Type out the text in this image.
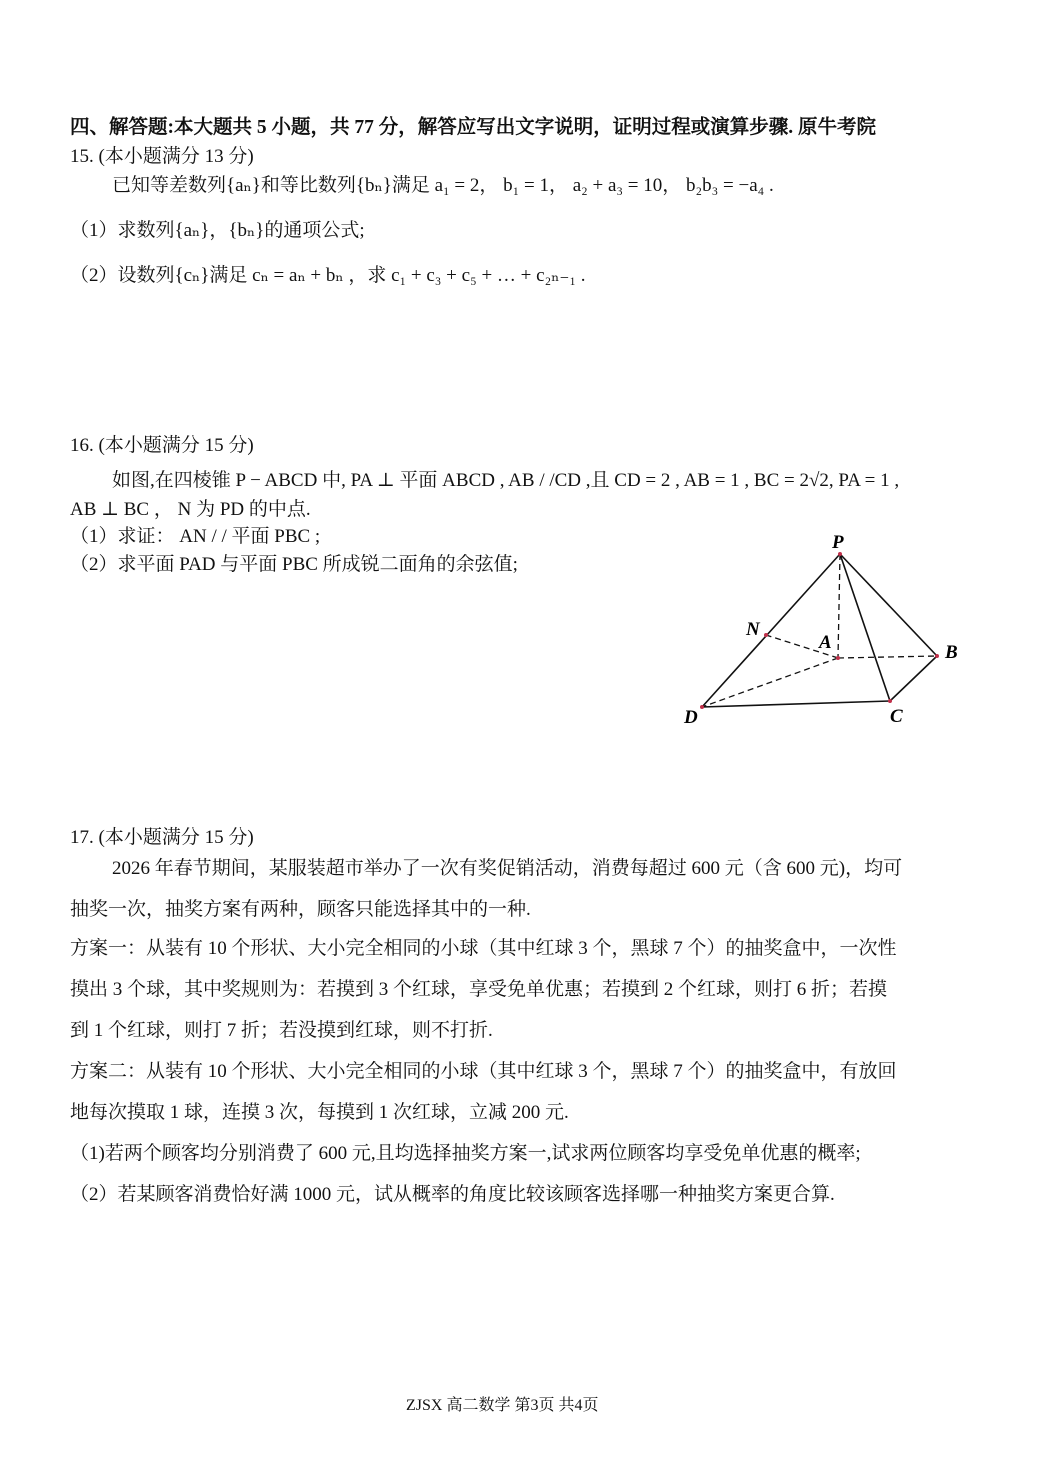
四、解答题:本大题共 5 小题，共 77 分，解答应写出文字说明，证明过程或演算步骤. 原牛考院
15. (本小题满分 13 分)
已知等差数列{aₙ}和等比数列{bₙ}满足 a₁ = 2， b₁ = 1， a₂ + a₃ = 10， b₂b₃ = −a₄ .
（1）求数列{aₙ}，{bₙ}的通项公式;
（2）设数列{cₙ}满足 cₙ = aₙ + bₙ ，求 c₁ + c₃ + c₅ + … + c₂ₙ₋₁ .
16. (本小题满分 15 分)
如图,在四棱锥 P − ABCD 中, PA ⊥ 平面 ABCD , AB / /CD ,且 CD = 2 , AB = 1 , BC = 2√2, PA = 1 ,
AB ⊥ BC ， N 为 PD 的中点.
（1）求证： AN / / 平面 PBC ;
（2）求平面 PAD 与平面 PBC 所成锐二面角的余弦值;
P
N
A	B
C
D
17. (本小题满分 15 分)
2026 年春节期间，某服装超市举办了一次有奖促销活动，消费每超过 600 元（含 600 元)，均可
抽奖一次，抽奖方案有两种，顾客只能选择其中的一种.
方案一：从装有 10 个形状、大小完全相同的小球（其中红球 3 个，黑球 7 个）的抽奖盒中，一次性
摸出 3 个球，其中奖规则为：若摸到 3 个红球，享受免单优惠；若摸到 2 个红球，则打 6 折；若摸
到 1 个红球，则打 7 折；若没摸到红球，则不打折.
方案二：从装有 10 个形状、大小完全相同的小球（其中红球 3 个，黑球 7 个）的抽奖盒中，有放回
地每次摸取 1 球，连摸 3 次，每摸到 1 次红球，立减 200 元.
（1)若两个顾客均分别消费了 600 元,且均选择抽奖方案一,试求两位顾客均享受免单优惠的概率;
（2）若某顾客消费恰好满 1000 元，试从概率的角度比较该顾客选择哪一种抽奖方案更合算.
ZJSX 高二数学 第3页 共4页
